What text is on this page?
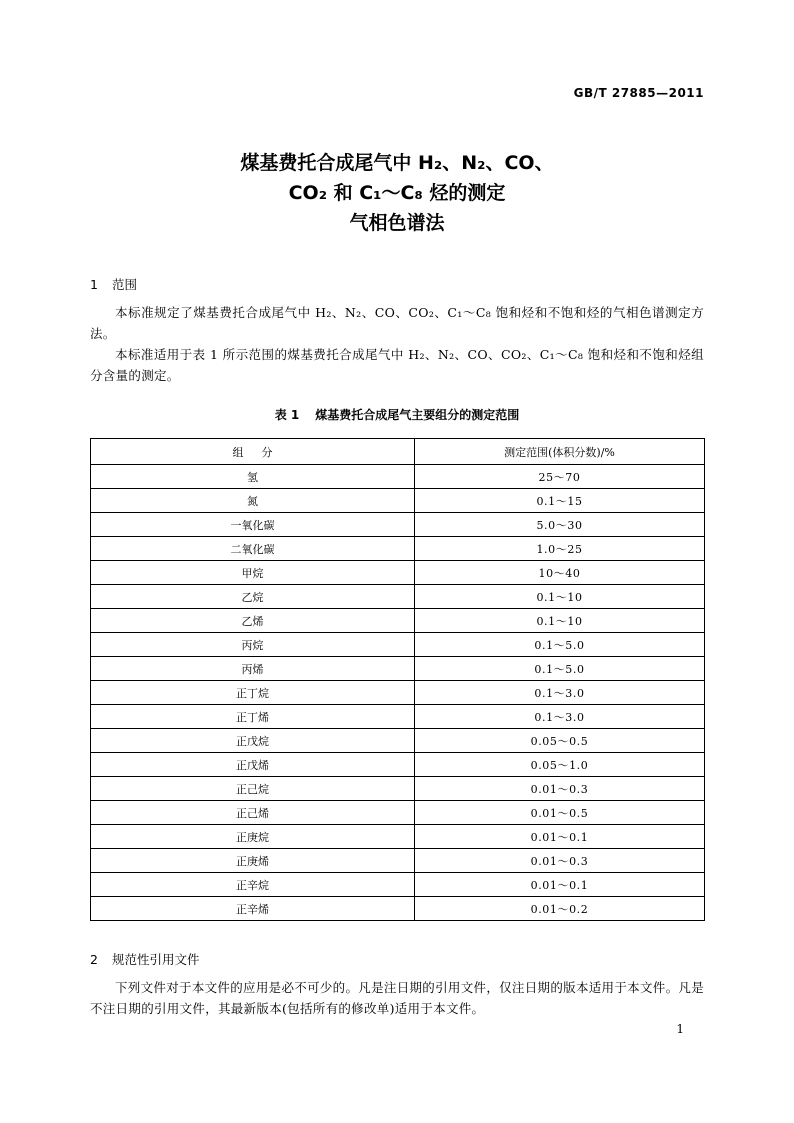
GB/T 27885—2011
煤基费托合成尾气中 H₂、N₂、CO、
CO₂ 和 C₁～C₈ 烃的测定
气相色谱法
1 范围

本标准规定了煤基费托合成尾气中 H₂、N₂、CO、CO₂、C₁～C₈ 饱和烃和不饱和烃的气相色谱测定方法。

本标准适用于表 1 所示范围的煤基费托合成尾气中 H₂、N₂、CO、CO₂、C₁～C₈ 饱和烃和不饱和烃组分含量的测定。

表 1 煤基费托合成尾气主要组分的测定范围
组分	测定范围(体积分数)/%
氢	25～70
氮	0.1～15
一氧化碳	5.0～30
二氧化碳	1.0～25
甲烷	10～40
乙烷	0.1～10
乙烯	0.1～10
丙烷	0.1～5.0
丙烯	0.1～5.0
正丁烷	0.1～3.0
正丁烯	0.1～3.0
正戊烷	0.05～0.5
正戊烯	0.05～1.0
正己烷	0.01～0.3
正己烯	0.01～0.5
正庚烷	0.01～0.1
正庚烯	0.01～0.3
正辛烷	0.01～0.1
正辛烯	0.01～0.2
2 规范性引用文件

下列文件对于本文件的应用是必不可少的。凡是注日期的引用文件，仅注日期的版本适用于本文件。凡是不注日期的引用文件，其最新版本(包括所有的修改单)适用于本文件。

1
